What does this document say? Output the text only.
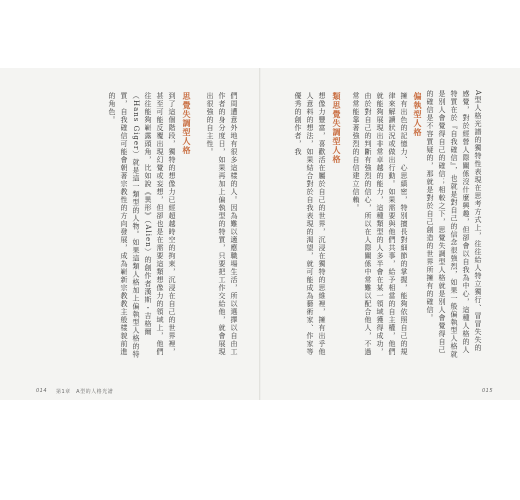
A型人格光譜的獨特性表現在思考方式上，往往給人特立獨行、冒冒失失的感覺，對於經營人際關係沒什麼興趣，但卻會以自我為中心，這種人格的人特質在於『自我確信』，也就是對自己的信念很強烈，如果一般偏執型人格就是別人會覺得自己的確信；相較之下，思覺失調型人格就是別人會覺得自己的確信是不容質疑的，那就是對於自己創造的世界所擁有的確信。
偏執型人格
擁有出色的記憶力、心思縝密，特別擅長對細節的掌握，能夠依照自己的規律來解讀狀況或做出行動。如果需要與他們共事，給予相當的自主權，他們就能夠展現出非常卓越的能力，這種類型的人多半會在某一領域獲得成功，由於對自己的判斷有強烈的信心，所以在人際關係中常難以配合他人，不過常常能靠著強烈的自信建立信賴。
類思覺失調型人格
想像力豐富，喜歡活在屬於自己的世界，沉浸在獨特的思維裡，擁有出乎他人意料的想法，如果結合對於自我表現的渴望，就可能成為藝術家、作家等優秀的創作者，我
015
們周遭意外地有很多這樣的人。因為難以適應職場生活，所以選擇以自由工作者的身分度日，如果再加上偏執型的特質，只要把工作交給他，就會展現出很強的自主性。
思覺失調型人格
到了這個階段，獨特的想像力已經超越時空的拘束，沉浸在自己的世界裡，甚至可能反覆出現幻覺或妄想，但卻也是在需要這類想像力的領域上，他們往往能夠嶄露頭角，比如說《異形》（Alien）的創作者漢斯・吉格爾（Hans Giger）就是這一類型的人物。如果這類人格加上偏執型人格的特質，自我確信可能會朝著宗教性的方向發展，成為嶄新宗教教主般樣貌前進的角色。
014 第1章　A型的人格光譜
